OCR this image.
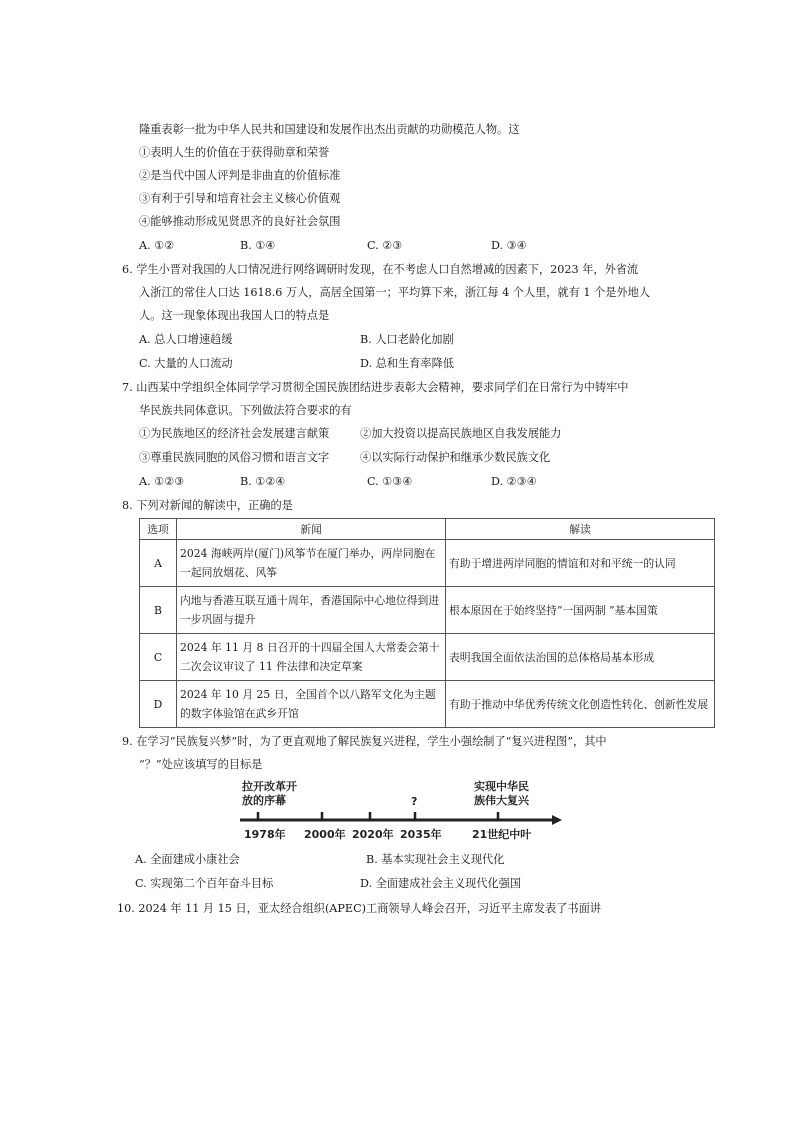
隆重表彰一批为中华人民共和国建设和发展作出杰出贡献的功勋模范人物。这
①表明人生的价值在于获得勋章和荣誉
②是当代中国人评判是非曲直的价值标准
③有利于引导和培育社会主义核心价值观
④能够推动形成见贤思齐的良好社会氛围
A. ①②	B. ①④	C. ②③	D. ③④
6. 学生小晋对我国的人口情况进行网络调研时发现，在不考虑人口自然增减的因素下，2023 年，外省流
入浙江的常住人口达 1618.6 万人，高居全国第一；平均算下来，浙江每 4 个人里，就有 1 个是外地人
人。这一现象体现出我国人口的特点是
A. 总人口增速趋缓	B. 人口老龄化加剧
C. 大量的人口流动	D. 总和生育率降低
7. 山西某中学组织全体同学学习贯彻全国民族团结进步表彰大会精神，要求同学们在日常行为中铸牢中
华民族共同体意识。下列做法符合要求的有
①为民族地区的经济社会发展建言献策	②加大投资以提高民族地区自我发展能力
③尊重民族同胞的风俗习惯和语言文字	④以实际行动保护和继承少数民族文化
A. ①②③	B. ①②④	C. ①③④	D. ②③④
8. 下列对新闻的解读中，正确的是
选项	新闻	解读
A	2024 海峡两岸(厦门)风筝节在厦门举办，两岸同胞在一起同放烟花、风筝	有助于增进两岸同胞的情谊和对和平统一的认同
B	内地与香港互联互通十周年，香港国际中心地位得到进一步巩固与提升	根本原因在于始终坚持“一国两制 ”基本国策
C	2024 年 11 月 8 日召开的十四届全国人大常委会第十二次会议审议了 11 件法律和决定草案	表明我国全面依法治国的总体格局基本形成
D	2024 年 10 月 25 日，全国首个以八路军文化为主题的数字体验馆在武乡开馆	有助于推动中华优秀传统文化创造性转化、创新性发展
9. 在学习“民族复兴梦”时，为了更直观地了解民族复兴进程，学生小强绘制了“复兴进程图”，其中
“？”处应该填写的目标是
拉开改革开
放的序幕	?
实现中华民
族伟大复兴
1978年 2000年 2020年 2035年	21世纪中叶
A. 全面建成小康社会	B. 基本实现社会主义现代化
C. 实现第二个百年奋斗目标	D. 全面建成社会主义现代化强国
10. 2024 年 11 月 15 日，亚太经合组织(APEC)工商领导人峰会召开，习近平主席发表了书面讲
